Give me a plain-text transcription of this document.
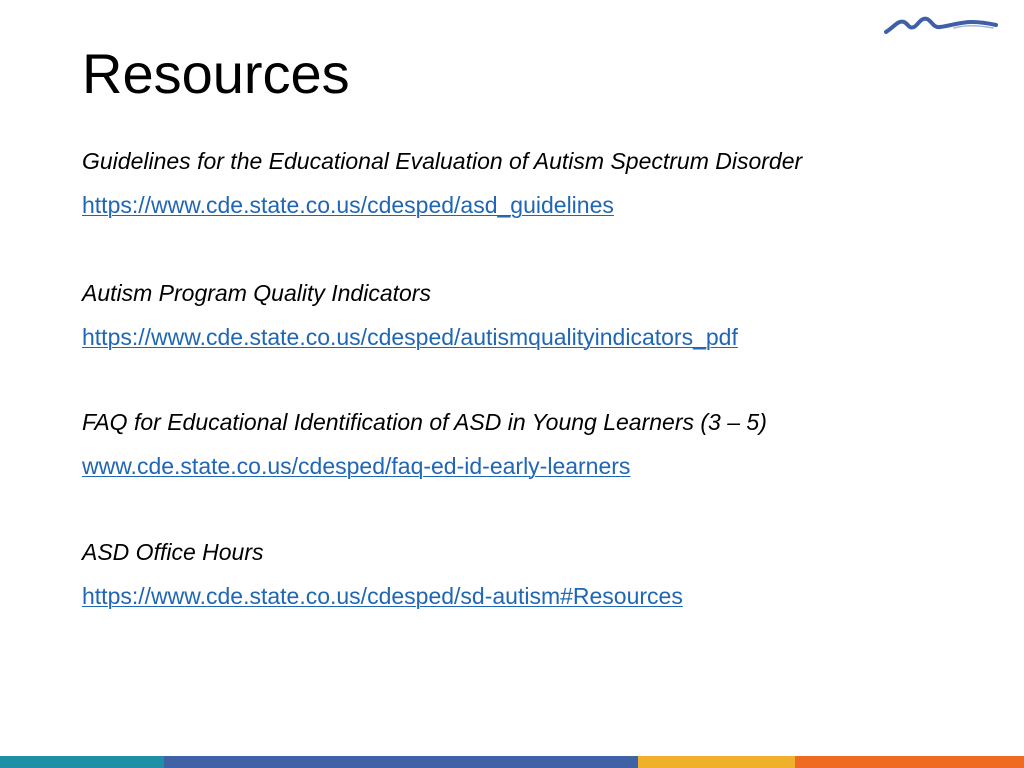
Resources
Guidelines for the Educational Evaluation of Autism Spectrum Disorder
https://www.cde.state.co.us/cdesped/asd_guidelines
Autism Program Quality Indicators
https://www.cde.state.co.us/cdesped/autismqualityindicators_pdf
FAQ for Educational Identification of ASD in Young Learners (3 – 5)
www.cde.state.co.us/cdesped/faq-ed-id-early-learners
ASD Office Hours
https://www.cde.state.co.us/cdesped/sd-autism#Resources
